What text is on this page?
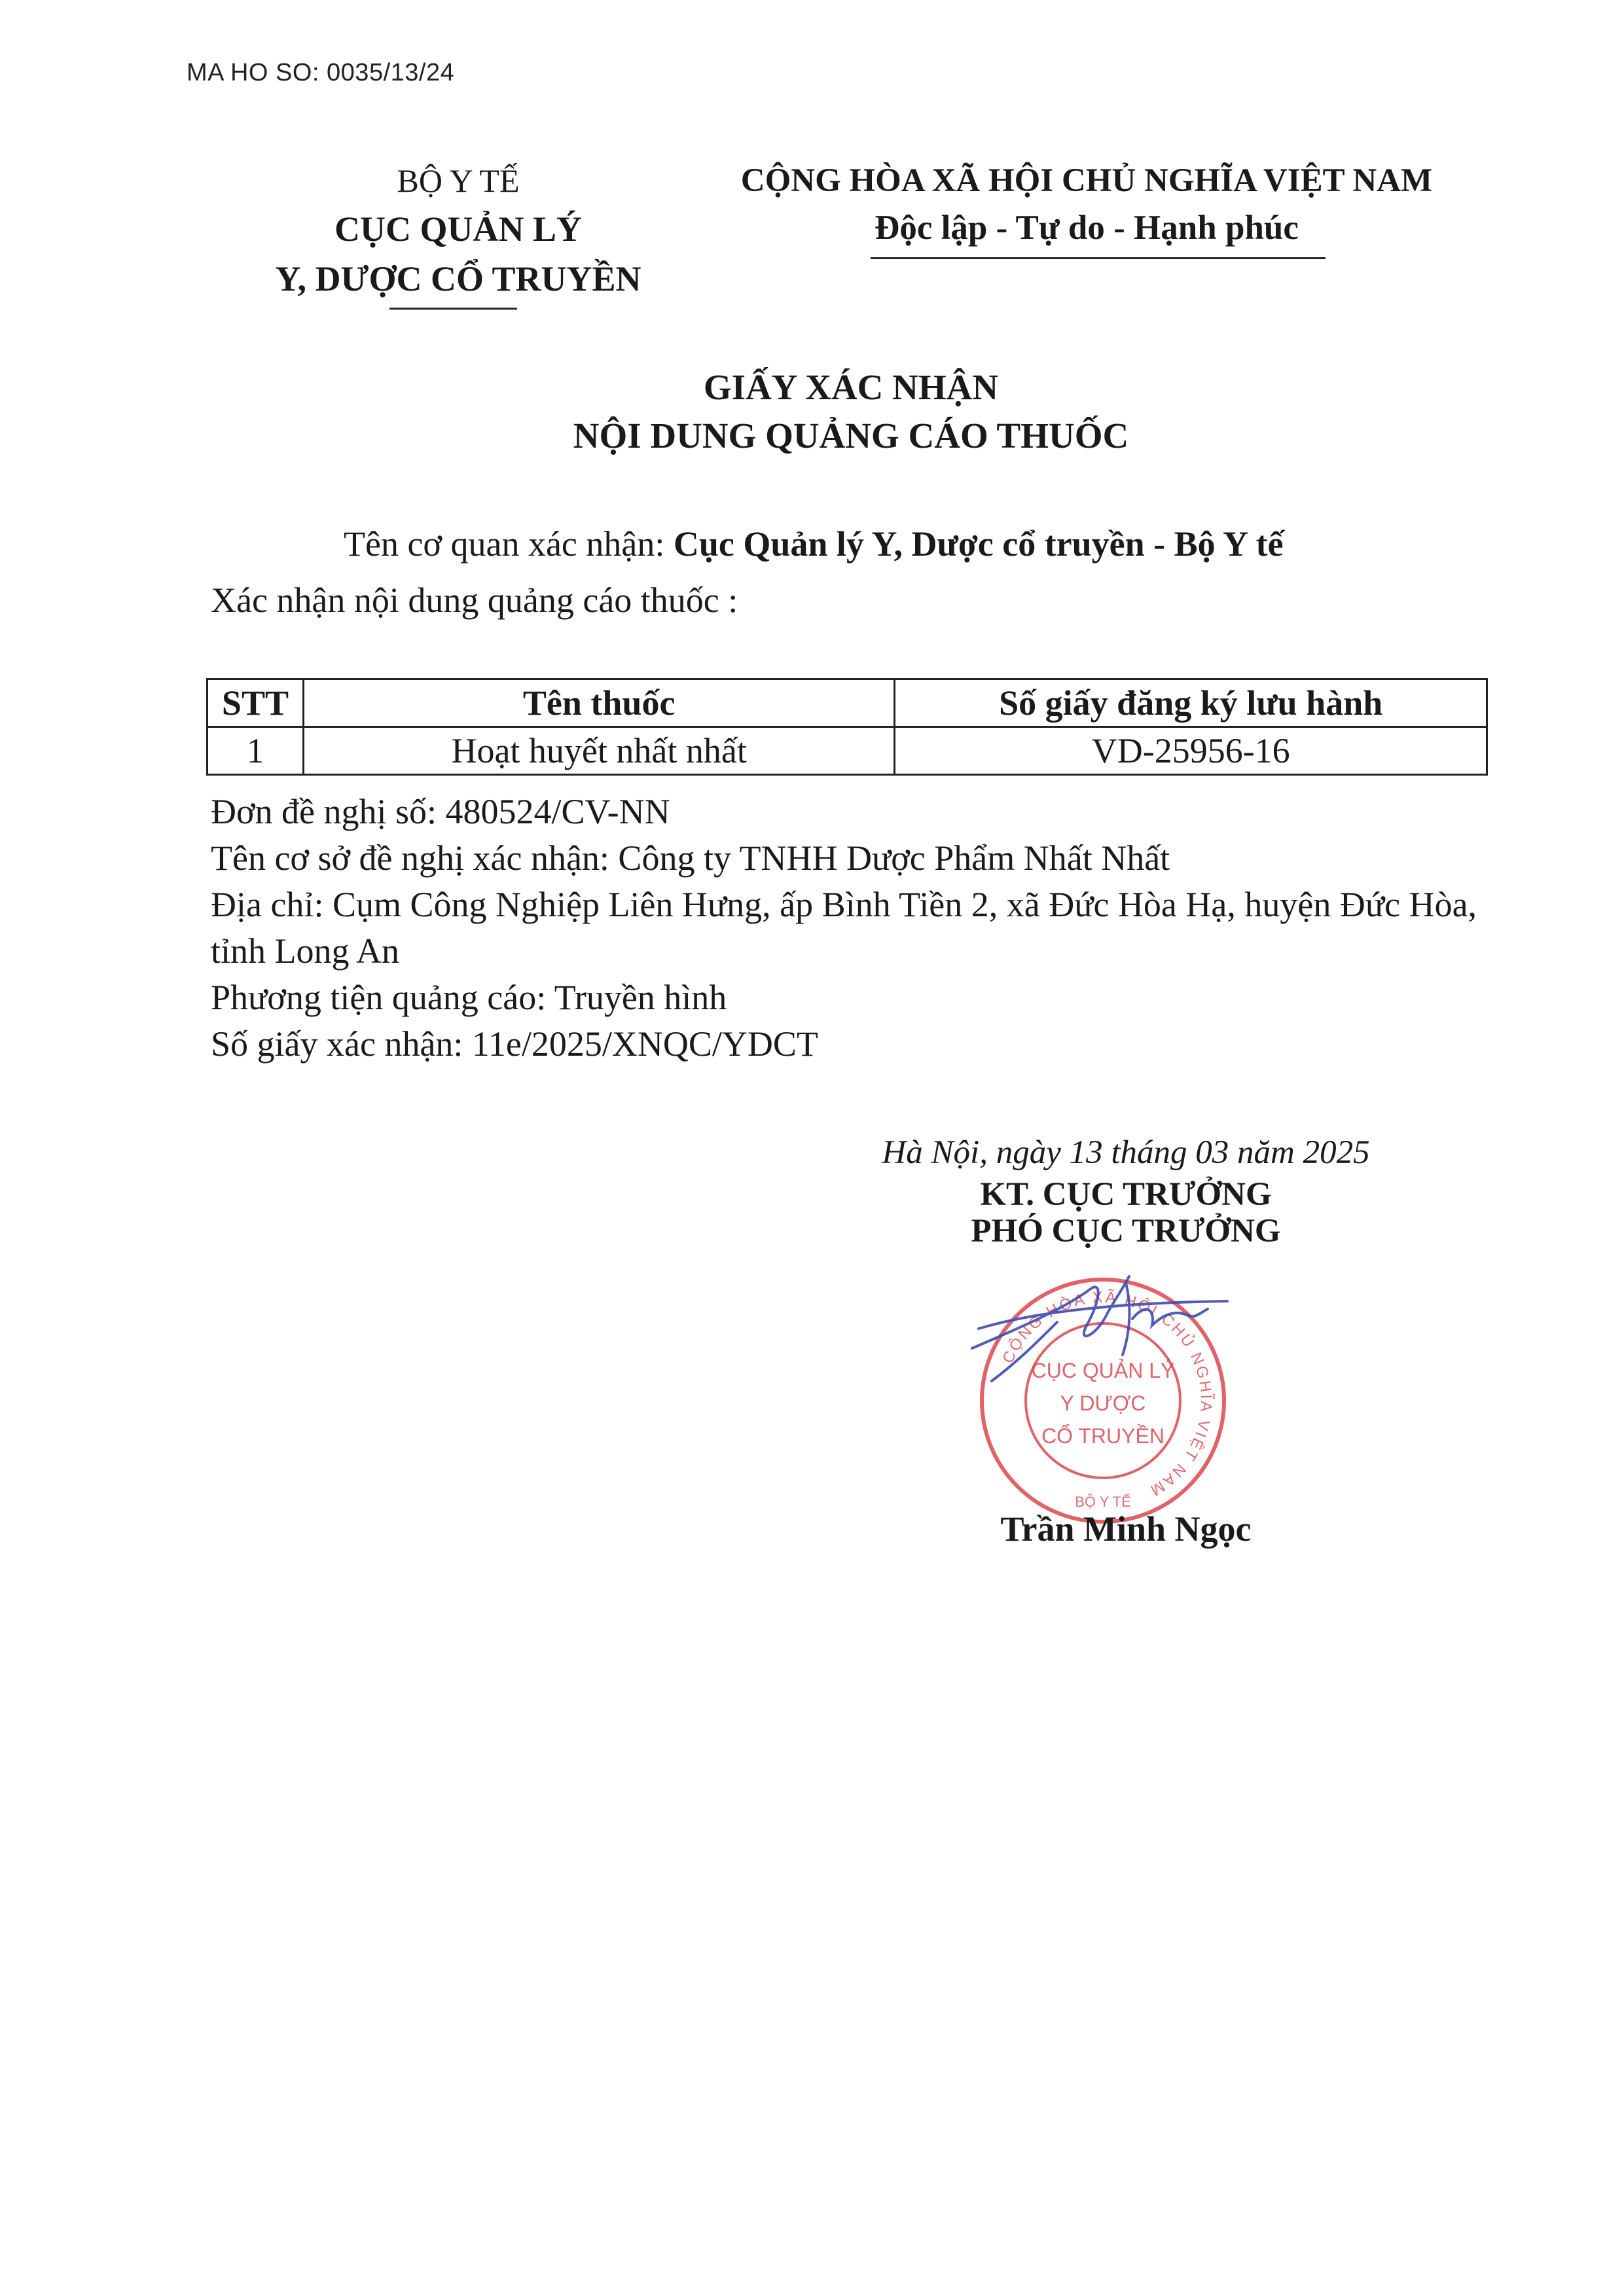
MA HO SO: 0035/13/24
BỘ Y TẾ
CỤC QUẢN LÝ
Y, DƯỢC CỔ TRUYỀN
CỘNG HÒA XÃ HỘI CHỦ NGHĨA VIỆT NAM
Độc lập - Tự do - Hạnh phúc
GIẤY XÁC NHẬN
NỘI DUNG QUẢNG CÁO THUỐC
Tên cơ quan xác nhận: Cục Quản lý Y, Dược cổ truyền - Bộ Y tế
Xác nhận nội dung quảng cáo thuốc :
STT	Tên thuốc	Số giấy đăng ký lưu hành
1	Hoạt huyết nhất nhất	VD-25956-16
Đơn đề nghị số: 480524/CV-NN
Tên cơ sở đề nghị xác nhận: Công ty TNHH Dược Phẩm Nhất Nhất
Địa chỉ: Cụm Công Nghiệp Liên Hưng, ấp Bình Tiền 2, xã Đức Hòa Hạ, huyện Đức Hòa, tỉnh Long An
Phương tiện quảng cáo: Truyền hình
Số giấy xác nhận: 11e/2025/XNQC/YDCT
Hà Nội, ngày 13 tháng 03 năm 2025
KT. CỤC TRƯỞNG
PHÓ CỤC TRƯỞNG
CỘNG HÒA XÃ HỘI CHỦ NGHĨA VIỆT NAM
BỘ Y TẾ
CỤC QUẢN LÝ
Y DƯỢC
CỔ TRUYỀN
Trần Minh Ngọc
